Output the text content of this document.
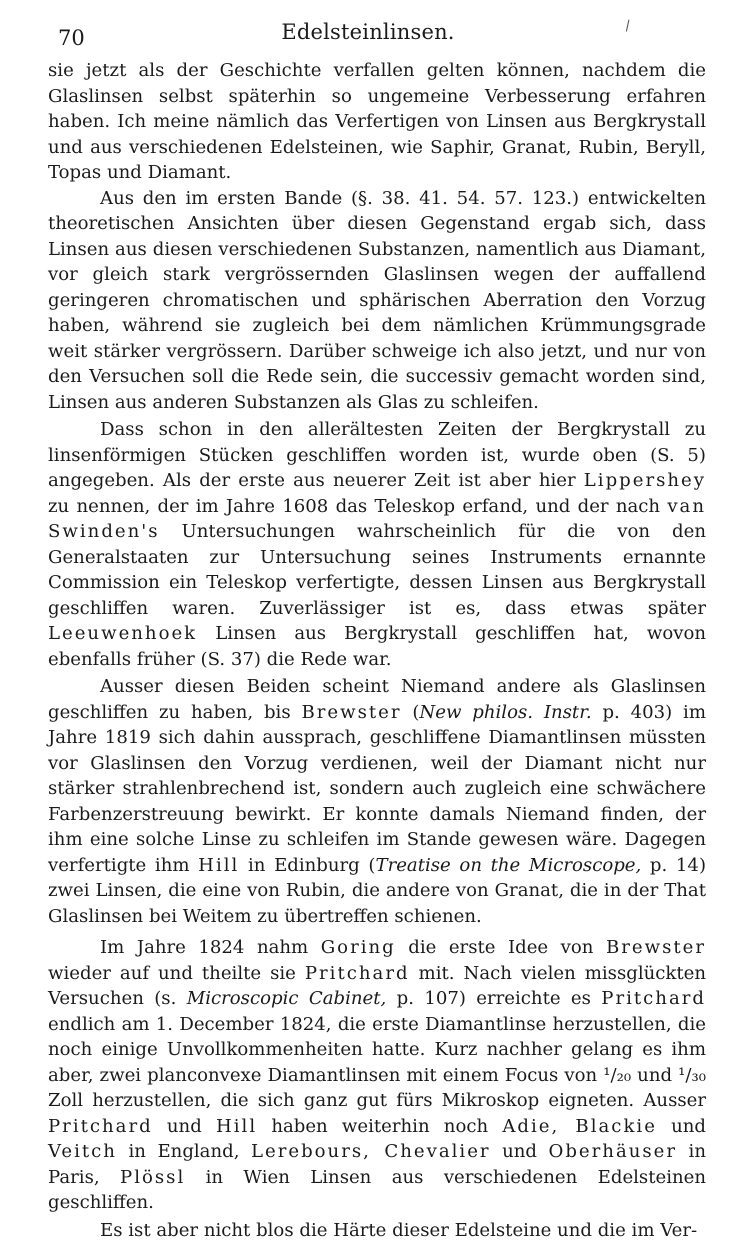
70	Edelsteinlinsen.	\

sie jetzt als der Geschichte verfallen gelten können, nachdem die Glaslinsen selbst späterhin so ungemeine Verbesserung erfahren haben. Ich meine nämlich das Verfertigen von Linsen aus Bergkrystall und aus verschiedenen Edelsteinen, wie Saphir, Granat, Rubin, Beryll, Topas und Diamant.

Aus den im ersten Bande (§. 38. 41. 54. 57. 123.) entwickelten theoretischen Ansichten über diesen Gegenstand ergab sich, dass Linsen aus diesen verschiedenen Substanzen, namentlich aus Diamant, vor gleich stark vergrössernden Glaslinsen wegen der auffallend geringeren chromatischen und sphärischen Aberration den Vorzug haben, während sie zugleich bei dem nämlichen Krümmungsgrade weit stärker vergrössern. Darüber schweige ich also jetzt, und nur von den Versuchen soll die Rede sein, die successiv gemacht worden sind, Linsen aus anderen Substanzen als Glas zu schleifen.

Dass schon in den allerältesten Zeiten der Bergkrystall zu linsenförmigen Stücken geschliffen worden ist, wurde oben (S. 5) angegeben. Als der erste aus neuerer Zeit ist aber hier Lippershey zu nennen, der im Jahre 1608 das Teleskop erfand, und der nach van Swinden's Untersuchungen wahrscheinlich für die von den Generalstaaten zur Untersuchung seines Instruments ernannte Commission ein Teleskop verfertigte, dessen Linsen aus Bergkrystall geschliffen waren. Zuverlässiger ist es, dass etwas später Leeuwenhoek Linsen aus Bergkrystall geschliffen hat, wovon ebenfalls früher (S. 37) die Rede war.

Ausser diesen Beiden scheint Niemand andere als Glaslinsen geschliffen zu haben, bis Brewster (New philos. Instr. p. 403) im Jahre 1819 sich dahin aussprach, geschliffene Diamantlinsen müssten vor Glaslinsen den Vorzug verdienen, weil der Diamant nicht nur stärker strahlenbrechend ist, sondern auch zugleich eine schwächere Farbenzerstreuung bewirkt. Er konnte damals Niemand finden, der ihm eine solche Linse zu schleifen im Stande gewesen wäre. Dagegen verfertigte ihm Hill in Edinburg (Treatise on the Microscope, p. 14) zwei Linsen, die eine von Rubin, die andere von Granat, die in der That Glaslinsen bei Weitem zu übertreffen schienen.

Im Jahre 1824 nahm Goring die erste Idee von Brewster wieder auf und theilte sie Pritchard mit. Nach vielen missglückten Versuchen (s. Microscopic Cabinet, p. 107) erreichte es Pritchard endlich am 1. December 1824, die erste Diamantlinse herzustellen, die noch einige Unvollkommenheiten hatte. Kurz nachher gelang es ihm aber, zwei planconvexe Diamantlinsen mit einem Focus von ¹/₂₀ und ¹/₃₀ Zoll herzustellen, die sich ganz gut fürs Mikroskop eigneten. Ausser Pritchard und Hill haben weiterhin noch Adie, Blackie und Veitch in England, Lerebours, Chevalier und Oberhäuser in Paris, Plössl in Wien Linsen aus verschiedenen Edelsteinen geschliffen.

Es ist aber nicht blos die Härte dieser Edelsteine und die im Ver-
